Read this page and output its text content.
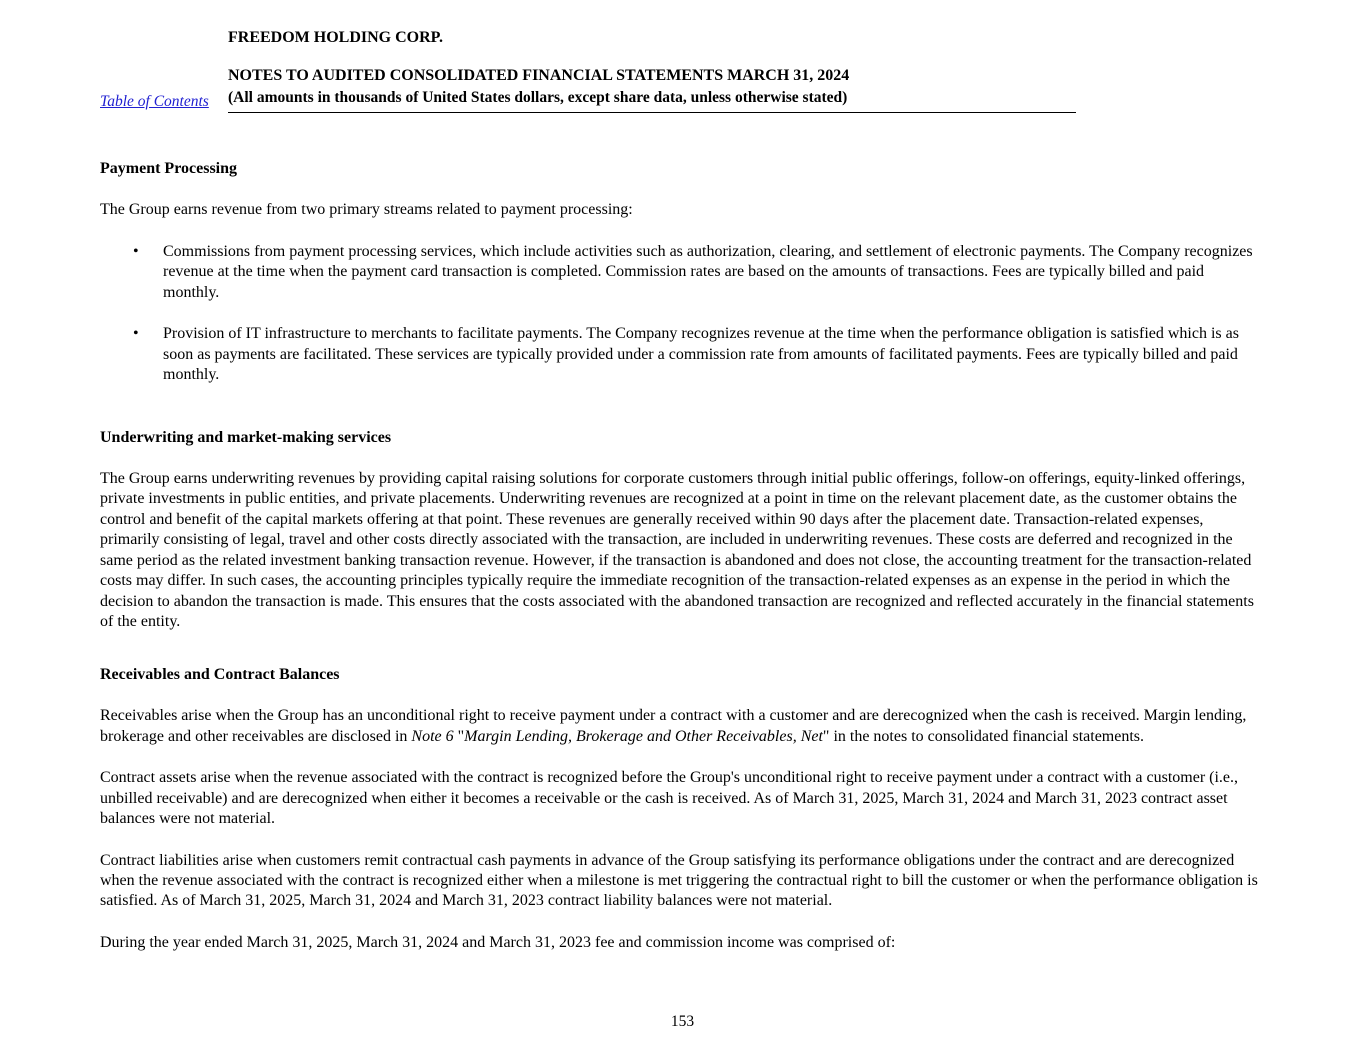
Table of Contents
FREEDOM HOLDING CORP.
NOTES TO AUDITED CONSOLIDATED FINANCIAL STATEMENTS MARCH 31, 2024
(All amounts in thousands of United States dollars, except share data, unless otherwise stated)
Payment Processing

The Group earns revenue from two primary streams related to payment processing:

•	Commissions from payment processing services, which include activities such as authorization, clearing, and settlement of electronic payments. The Company recognizes revenue at the time when the payment card transaction is completed. Commission rates are based on the amounts of transactions. Fees are typically billed and paid monthly.
•	Provision of IT infrastructure to merchants to facilitate payments. The Company recognizes revenue at the time when the performance obligation is satisfied which is as soon as payments are facilitated. These services are typically provided under a commission rate from amounts of facilitated payments. Fees are typically billed and paid monthly.
Underwriting and market-making services

The Group earns underwriting revenues by providing capital raising solutions for corporate customers through initial public offerings, follow-on offerings, equity-linked offerings, private investments in public entities, and private placements. Underwriting revenues are recognized at a point in time on the relevant placement date, as the customer obtains the control and benefit of the capital markets offering at that point. These revenues are generally received within 90 days after the placement date. Transaction-related expenses, primarily consisting of legal, travel and other costs directly associated with the transaction, are included in underwriting revenues. These costs are deferred and recognized in the same period as the related investment banking transaction revenue. However, if the transaction is abandoned and does not close, the accounting treatment for the transaction-related costs may differ. In such cases, the accounting principles typically require the immediate recognition of the transaction-related expenses as an expense in the period in which the decision to abandon the transaction is made. This ensures that the costs associated with the abandoned transaction are recognized and reflected accurately in the financial statements of the entity.

Receivables and Contract Balances

Receivables arise when the Group has an unconditional right to receive payment under a contract with a customer and are derecognized when the cash is received. Margin lending, brokerage and other receivables are disclosed in Note 6 "Margin Lending, Brokerage and Other Receivables, Net" in the notes to consolidated financial statements.

Contract assets arise when the revenue associated with the contract is recognized before the Group's unconditional right to receive payment under a contract with a customer (i.e., unbilled receivable) and are derecognized when either it becomes a receivable or the cash is received. As of March 31, 2025, March 31, 2024 and March 31, 2023 contract asset balances were not material.

Contract liabilities arise when customers remit contractual cash payments in advance of the Group satisfying its performance obligations under the contract and are derecognized when the revenue associated with the contract is recognized either when a milestone is met triggering the contractual right to bill the customer or when the performance obligation is satisfied. As of March 31, 2025, March 31, 2024 and March 31, 2023 contract liability balances were not material.

During the year ended March 31, 2025, March 31, 2024 and March 31, 2023 fee and commission income was comprised of:

153
